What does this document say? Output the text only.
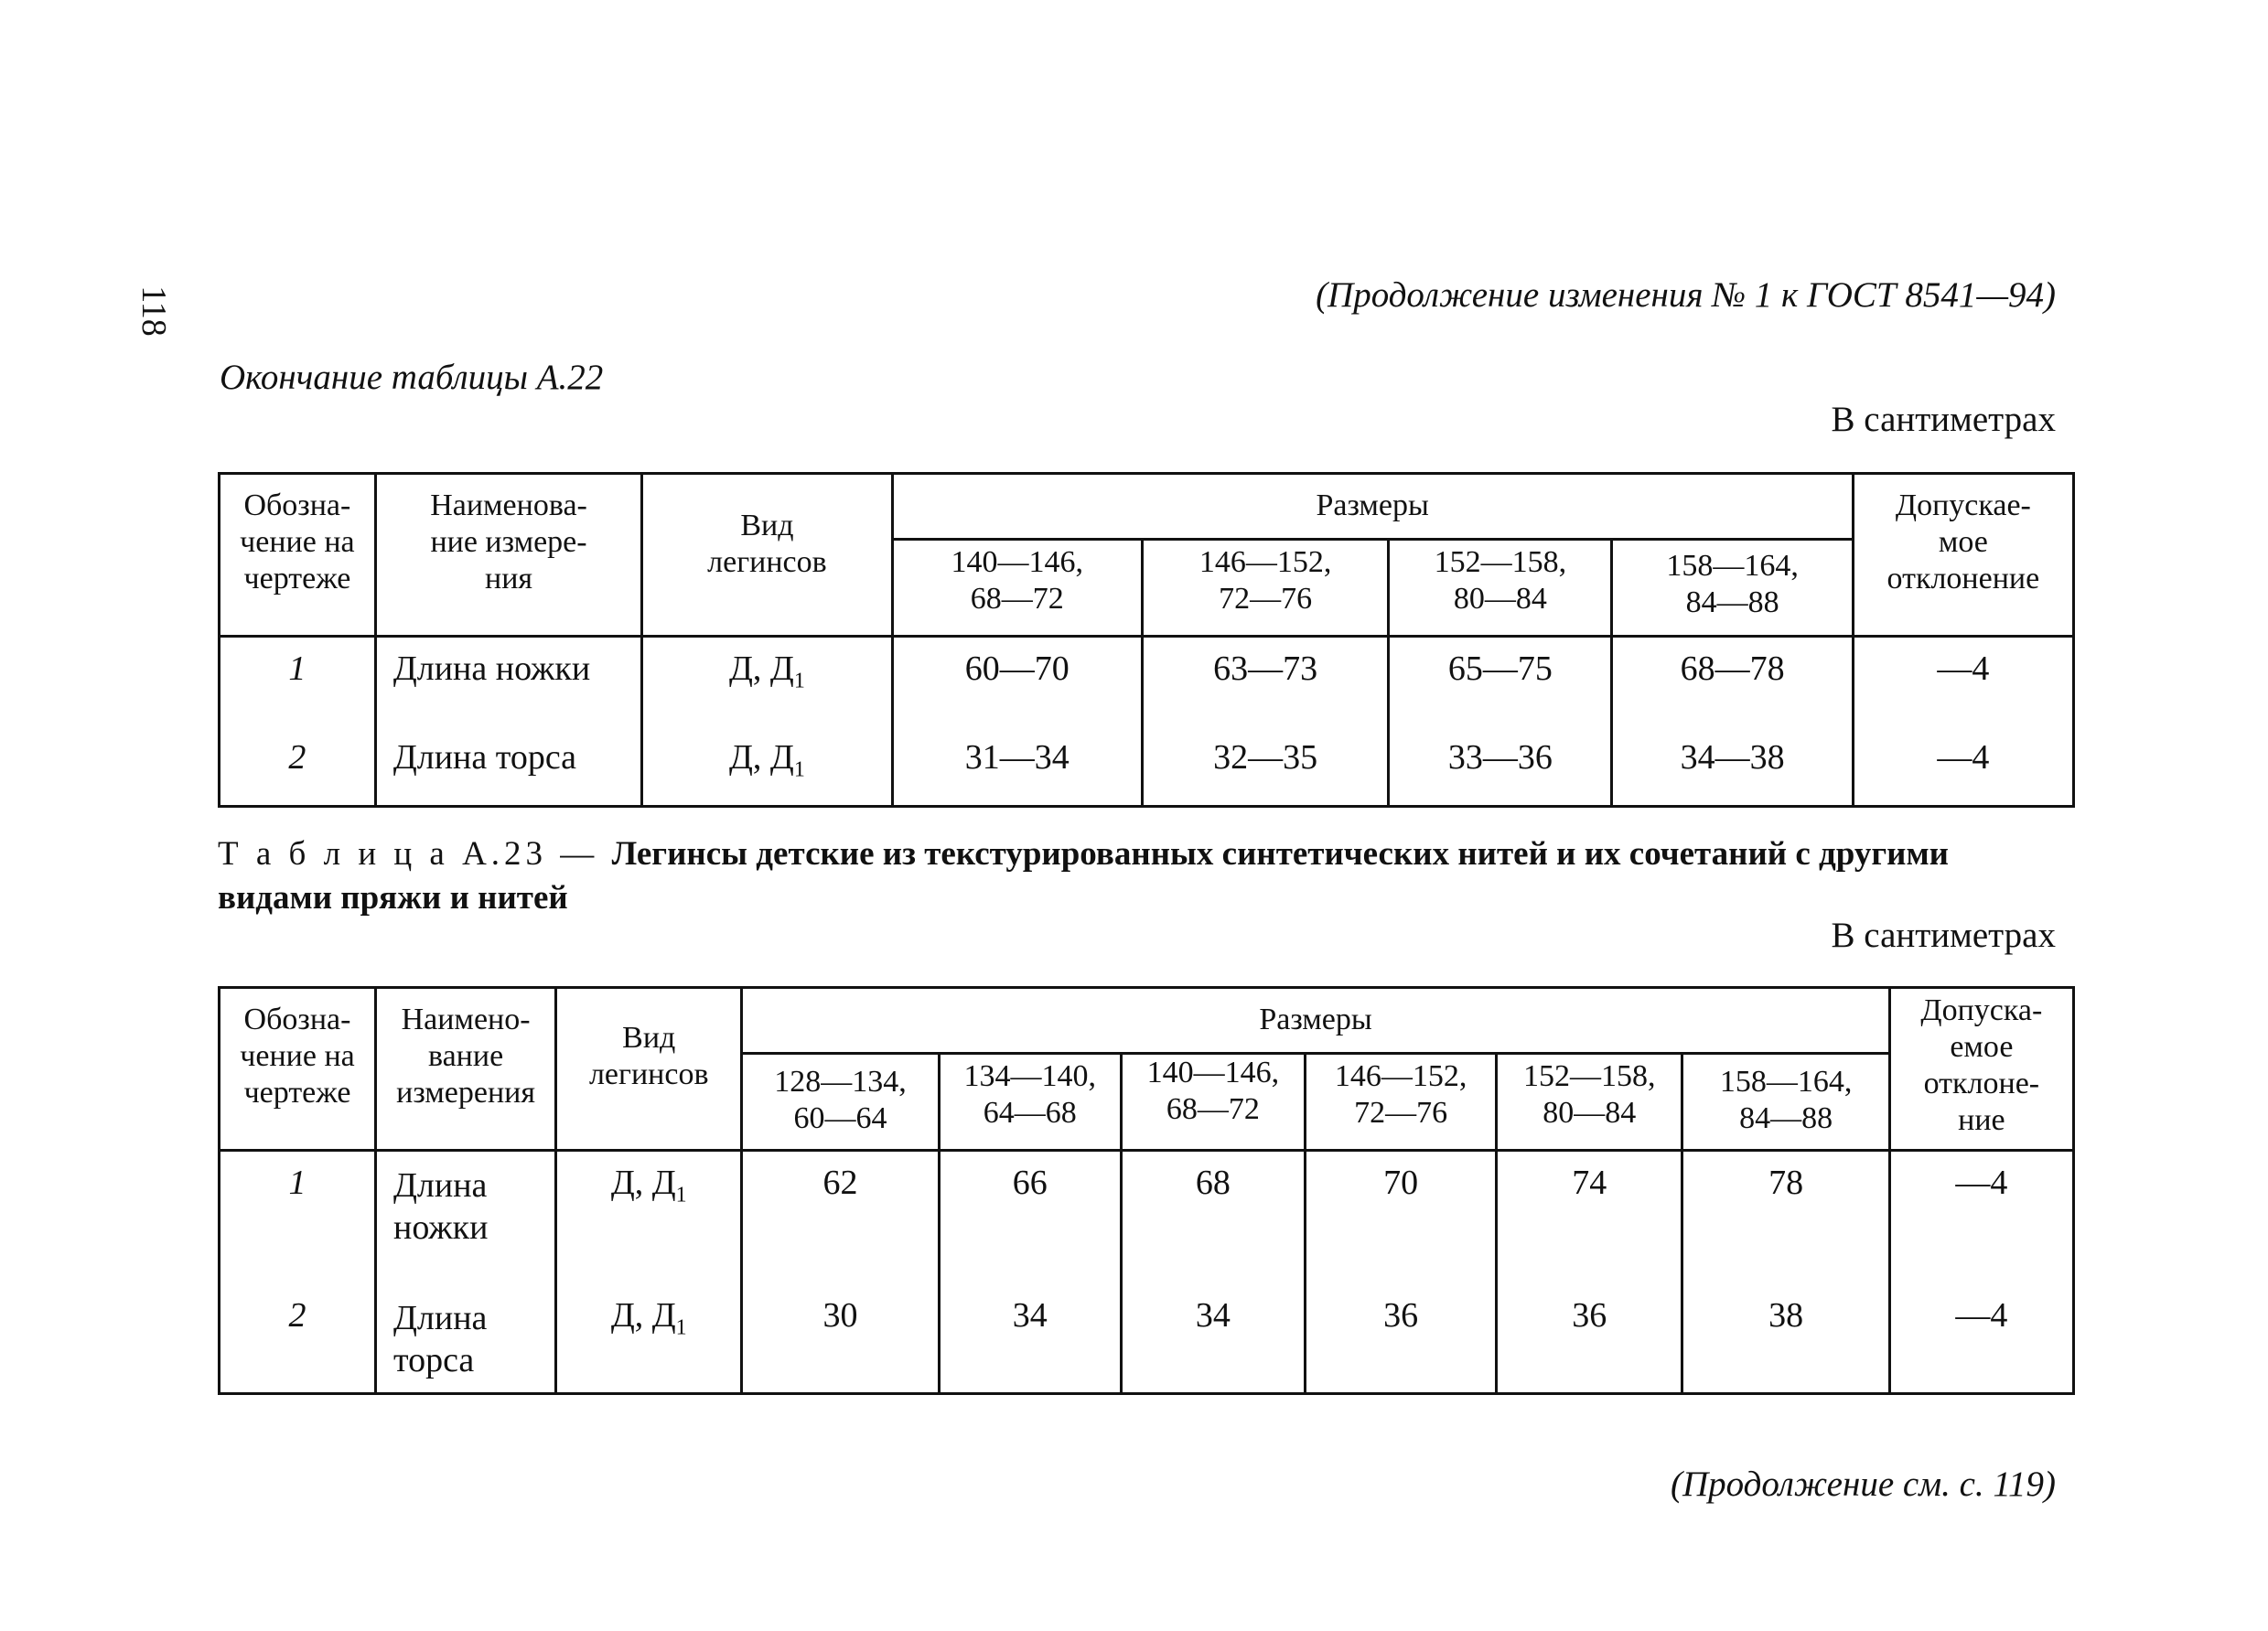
118	(Продолжение изменения № 1 к ГОСТ 8541—94)
Окончание таблицы А.22
В сантиметрах
Обозна-
чение на
чертеже	Наименова-
ние измере-
ния	Вид
легинсов	Размеры				Допускае-
мое
отклонение
			140—146,
68—72	146—152,
72—76	152—158,
80—84	158—164,
84—88	
1	Длина ножки	Д, $Д_1$	60—70	63—73	65—75	68—78	—4
2	Длина торса	Д, $Д_1$	31—34	32—35	33—36	34—38	—4
Т а б л и ц а А.23 — Легинсы детские из текстурированных синтетических нитей и их сочетаний с другими видами пряжи и нитей
В сантиметрах
Обозна-
чение на
чертеже	Наимено-
вание
измерения	Вид
легинсов	Размеры						Допуска-
емое
отклоне-
ние
			128—134,
60—64	134—140,
64—68	140—146,
68—72	146—152,
72—76	152—158,
80—84	158—164,
84—88	
1	Длина
ножки	Д, $Д_1$	62	66	68	70	74	78	—4
2	Длина
торса	Д, $Д_1$	30	34	34	36	36	38	—4
(Продолжение см. с. 119)
